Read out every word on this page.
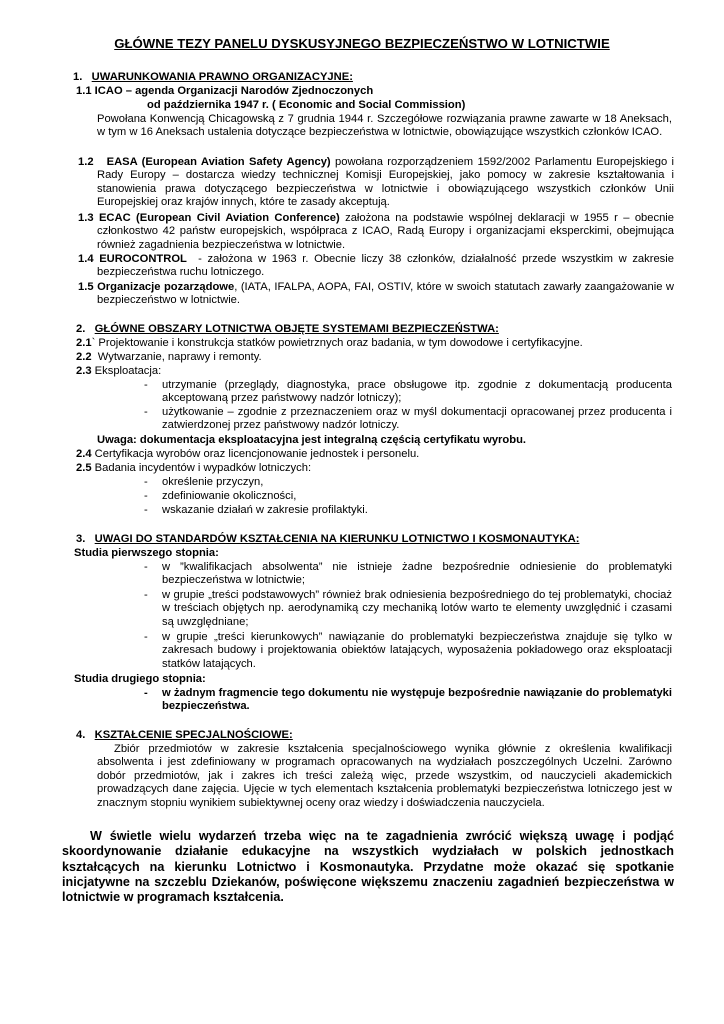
GŁÓWNE TEZY PANELU DYSKUSYJNEGO BEZPIECZEŃSTWO W LOTNICTWIE
1. UWARUNKOWANIA PRAWNO ORGANIZACYJNE:
1.1 ICAO – agenda Organizacji Narodów Zjednoczonych
od października 1947 r. ( Economic and Social Commission)
Powołana Konwencją Chicagowską z 7 grudnia 1944 r. Szczegółowe rozwiązania prawne zawarte w 18 Aneksach, w tym w 16 Aneksach ustalenia dotyczące bezpieczeństwa w lotnictwie, obowiązujące wszystkich członków ICAO.
1.2 EASA (European Aviation Safety Agency) powołana rozporządzeniem 1592/2002 Parlamentu Europejskiego i Rady Europy – dostarcza wiedzy technicznej Komisji Europejskiej, jako pomocy w zakresie kształtowania i stanowienia prawa dotyczącego bezpieczeństwa w lotnictwie i obowiązującego wszystkich członków Unii Europejskiej oraz krajów innych, które te zasady akceptują.
1.3 ECAC (European Civil Aviation Conference) założona na podstawie wspólnej deklaracji w 1955 r – obecnie członkostwo 42 państw europejskich, współpraca z ICAO, Radą Europy i organizacjami eksperckimi, obejmująca również zagadnienia bezpieczeństwa w lotnictwie.
1.4 EUROCONTROL - założona w 1963 r. Obecnie liczy 38 członków, działalność przede wszystkim w zakresie bezpieczeństwa ruchu lotniczego.
1.5 Organizacje pozarządowe, (IATA, IFALPA, AOPA, FAI, OSTIV, które w swoich statutach zawarły zaangażowanie w bezpieczeństwo w lotnictwie.
2. GŁÓWNE OBSZARY LOTNICTWA OBJĘTE SYSTEMAMI BEZPIECZEŃSTWA:
2.1` Projektowanie i konstrukcja statków powietrznych oraz badania, w tym dowodowe i certyfikacyjne.
2.2 Wytwarzanie, naprawy i remonty.
2.3 Eksploatacja:
- utrzymanie (przeglądy, diagnostyka, prace obsługowe itp. zgodnie z dokumentacją producenta akceptowaną przez państwowy nadzór lotniczy);
- użytkowanie – zgodnie z przeznaczeniem oraz w myśl dokumentacji opracowanej przez producenta i zatwierdzonej przez państwowy nadzór lotniczy.
Uwaga: dokumentacja eksploatacyjna jest integralną częścią certyfikatu wyrobu.
2.4 Certyfikacja wyrobów oraz licencjonowanie jednostek i personelu.
2.5 Badania incydentów i wypadków lotniczych:
- określenie przyczyn,
- zdefiniowanie okoliczności,
- wskazanie działań w zakresie profilaktyki.
3. UWAGI DO STANDARDÓW KSZTAŁCENIA NA KIERUNKU LOTNICTWO I KOSMONAUTYKA:
Studia pierwszego stopnia:
- w ”kwalifikacjach absolwenta” nie istnieje żadne bezpośrednie odniesienie do problematyki bezpieczeństwa w lotnictwie;
- w grupie „treści podstawowych” również brak odniesienia bezpośredniego do tej problematyki, chociaż w treściach objętych np. aerodynamiką czy mechaniką lotów warto te elementy uwzględnić i czasami są uwzględniane;
- w grupie „treści kierunkowych” nawiązanie do problematyki bezpieczeństwa znajduje się tylko w zakresach budowy i projektowania obiektów latających, wyposażenia pokładowego oraz eksploatacji statków latających.
Studia drugiego stopnia:
- w żadnym fragmencie tego dokumentu nie występuje bezpośrednie nawiązanie do problematyki bezpieczeństwa.
4. KSZTAŁCENIE SPECJALNOŚCIOWE:
Zbiór przedmiotów w zakresie kształcenia specjalnościowego wynika głównie z określenia kwalifikacji absolwenta i jest zdefiniowany w programach opracowanych na wydziałach poszczególnych Uczelni. Zarówno dobór przedmiotów, jak i zakres ich treści zależą więc, przede wszystkim, od nauczycieli akademickich prowadzących dane zajęcia. Ujęcie w tych elementach kształcenia problematyki bezpieczeństwa lotniczego jest w znacznym stopniu wynikiem subiektywnej oceny oraz wiedzy i doświadczenia nauczyciela.
W świetle wielu wydarzeń trzeba więc na te zagadnienia zwrócić większą uwagę i podjąć skoordynowanie działanie edukacyjne na wszystkich wydziałach w polskich jednostkach kształcących na kierunku Lotnictwo i Kosmonautyka. Przydatne może okazać się spotkanie inicjatywne na szczeblu Dziekanów, poświęcone większemu znaczeniu zagadnień bezpieczeństwa w lotnictwie w programach kształcenia.
